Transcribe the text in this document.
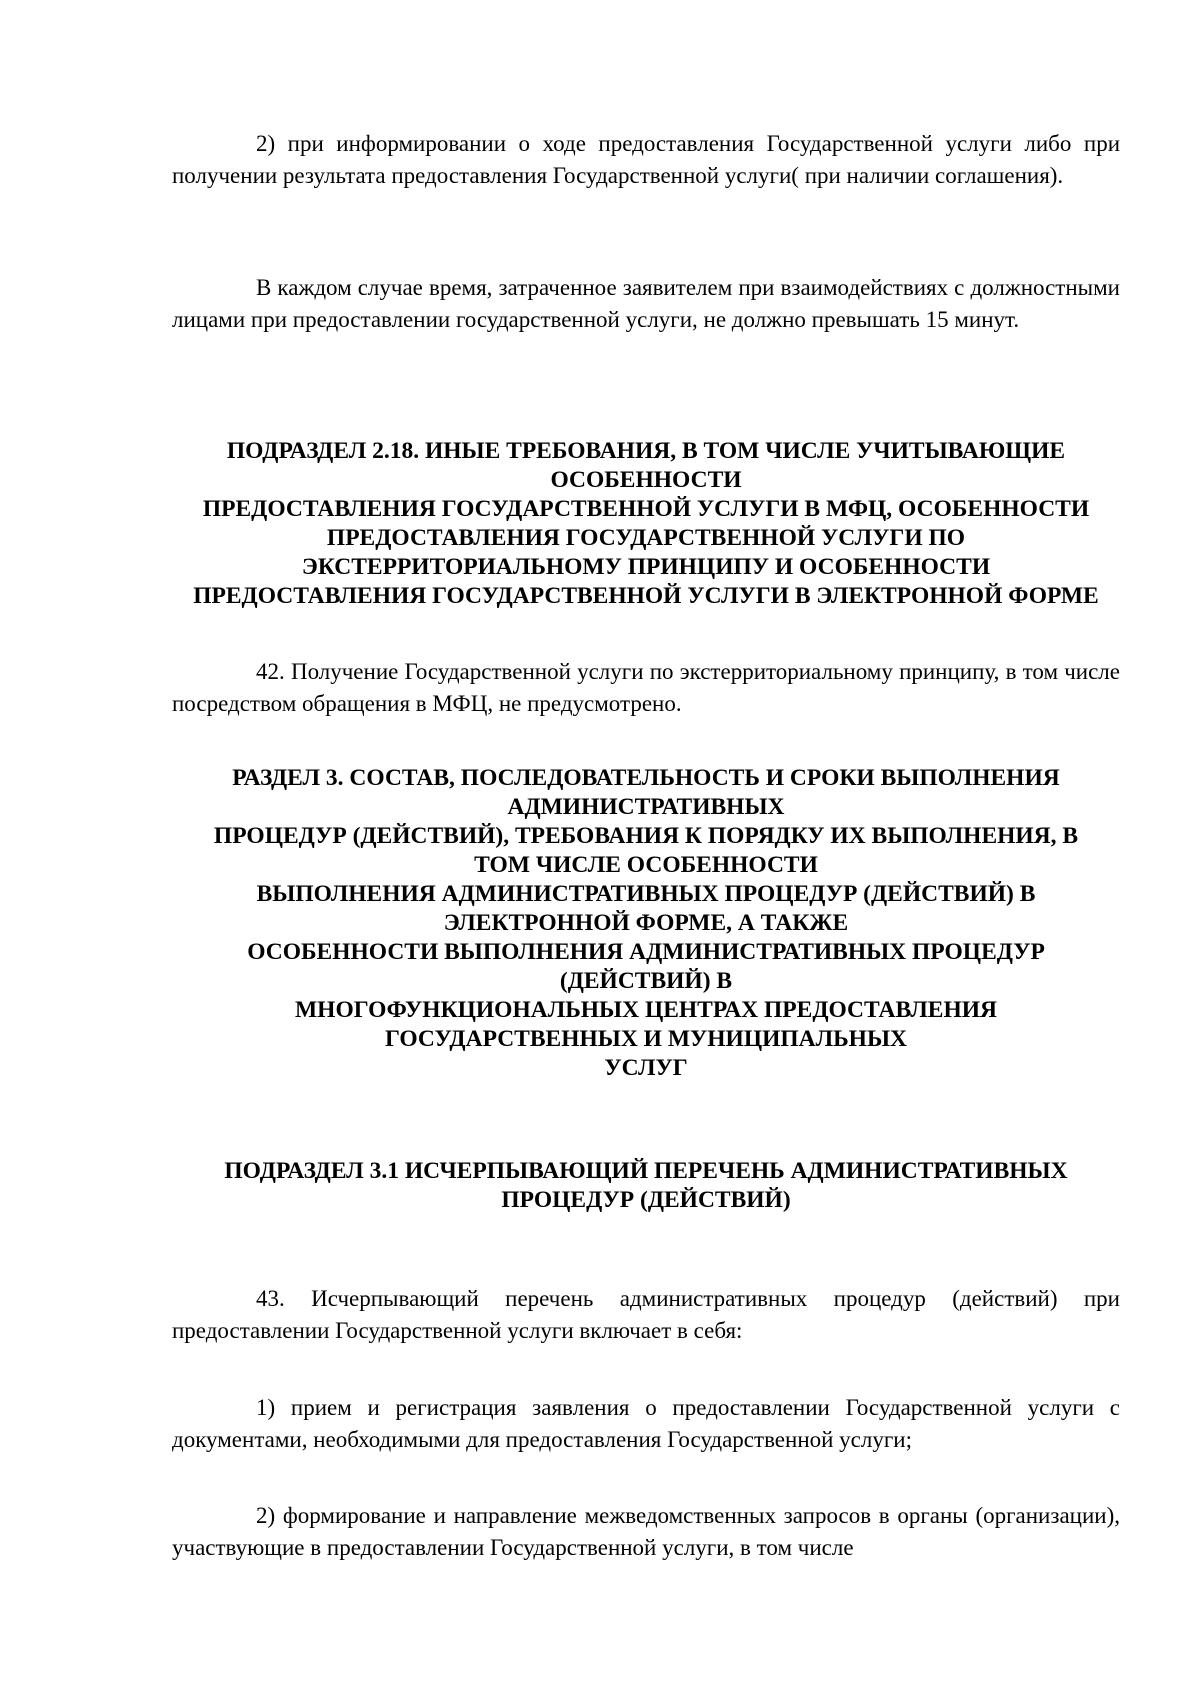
2) при информировании о ходе предоставления Государственной услуги либо при получении результата предоставления Государственной услуги( при наличии соглашения).

В каждом случае время, затраченное заявителем при взаимодействиях с должностными лицами при предоставлении государственной услуги, не должно превышать 15 минут.

ПОДРАЗДЕЛ 2.18. ИНЫЕ ТРЕБОВАНИЯ, В ТОМ ЧИСЛЕ УЧИТЫВАЮЩИЕ
ОСОБЕННОСТИ
ПРЕДОСТАВЛЕНИЯ ГОСУДАРСТВЕННОЙ УСЛУГИ В МФЦ, ОСОБЕННОСТИ
ПРЕДОСТАВЛЕНИЯ ГОСУДАРСТВЕННОЙ УСЛУГИ ПО
ЭКСТЕРРИТОРИАЛЬНОМУ ПРИНЦИПУ И ОСОБЕННОСТИ
ПРЕДОСТАВЛЕНИЯ ГОСУДАРСТВЕННОЙ УСЛУГИ В ЭЛЕКТРОННОЙ ФОРМЕ

42. Получение Государственной услуги по экстерриториальному принципу, в том числе посредством обращения в МФЦ, не предусмотрено.

РАЗДЕЛ 3. СОСТАВ, ПОСЛЕДОВАТЕЛЬНОСТЬ И СРОКИ ВЫПОЛНЕНИЯ
АДМИНИСТРАТИВНЫХ
ПРОЦЕДУР (ДЕЙСТВИЙ), ТРЕБОВАНИЯ К ПОРЯДКУ ИХ ВЫПОЛНЕНИЯ, В
ТОМ ЧИСЛЕ ОСОБЕННОСТИ
ВЫПОЛНЕНИЯ АДМИНИСТРАТИВНЫХ ПРОЦЕДУР (ДЕЙСТВИЙ) В
ЭЛЕКТРОННОЙ ФОРМЕ, А ТАКЖЕ
ОСОБЕННОСТИ ВЫПОЛНЕНИЯ АДМИНИСТРАТИВНЫХ ПРОЦЕДУР
(ДЕЙСТВИЙ) В
МНОГОФУНКЦИОНАЛЬНЫХ ЦЕНТРАХ ПРЕДОСТАВЛЕНИЯ
ГОСУДАРСТВЕННЫХ И МУНИЦИПАЛЬНЫХ
УСЛУГ
ПОДРАЗДЕЛ 3.1 ИСЧЕРПЫВАЮЩИЙ ПЕРЕЧЕНЬ АДМИНИСТРАТИВНЫХ
ПРОЦЕДУР (ДЕЙСТВИЙ)

43. Исчерпывающий перечень административных процедур (действий) при предоставлении Государственной услуги включает в себя:

1) прием и регистрация заявления о предоставлении Государственной услуги с документами, необходимыми для предоставления Государственной услуги;

2) формирование и направление межведомственных запросов в органы (организации), участвующие в предоставлении Государственной услуги, в том числе
